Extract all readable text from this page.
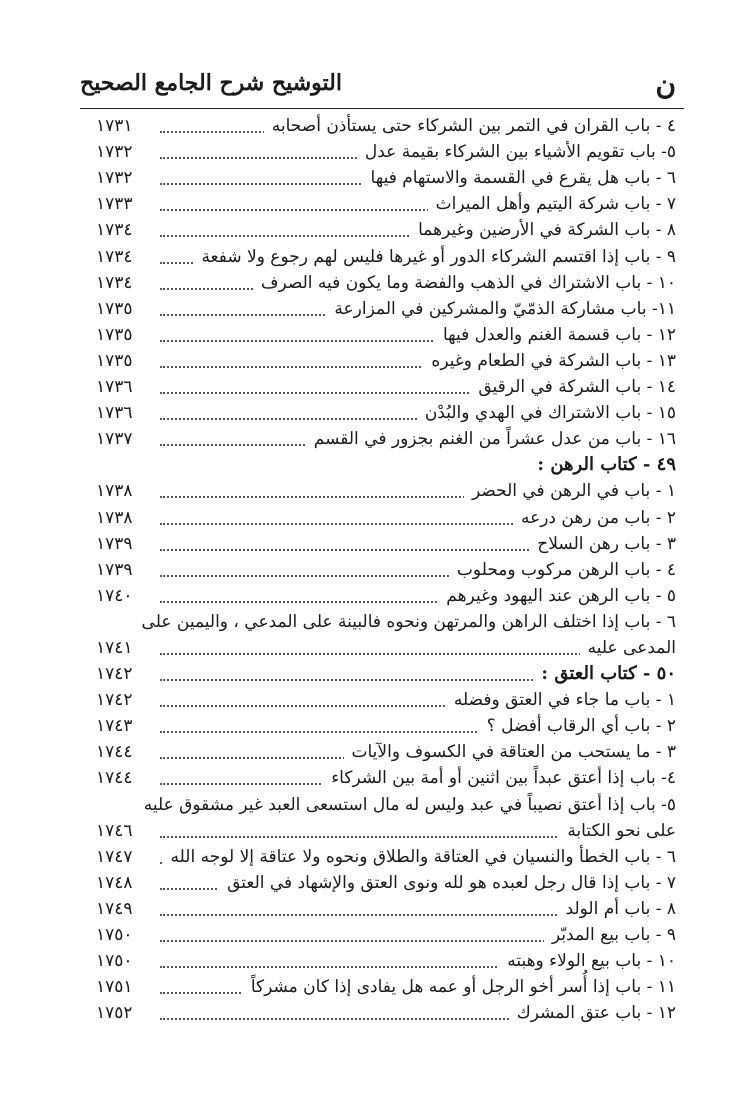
ن
التوشيح شرح الجامع الصحيح
٤ - باب القران في التمر بين الشركاء حتى يستأذن أصحابه
١٧٣١
٥- باب تقويم الأشياء بين الشركاء بقيمة عدل
١٧٣٢
٦ - باب هل يقرع في القسمة والاستهام فيها
١٧٣٢
٧ - باب شركة اليتيم وأهل الميراث
١٧٣٣
٨ - باب الشركة في الأرضين وغيرهما
١٧٣٤
٩ - باب إذا اقتسم الشركاء الدور أو غيرها فليس لهم رجوع ولا شفعة
١٧٣٤
١٠ - باب الاشتراك في الذهب والفضة وما يكون فيه الصرف
١٧٣٤
١١- باب مشاركة الذمّيّ والمشركين في المزارعة
١٧٣٥
١٢ - باب قسمة الغنم والعدل فيها
١٧٣٥
١٣ - باب الشركة في الطعام وغيره
١٧٣٥
١٤ - باب الشركة في الرقيق
١٧٣٦
١٥ - باب الاشتراك في الهدي والبُدْن
١٧٣٦
١٦ - باب من عدل عشراً من الغنم بجزور في القسم
١٧٣٧
٤٩ - كتاب الرهن :
١ - باب في الرهن في الحضر
١٧٣٨
٢ - باب من رهن درعه
١٧٣٨
٣ - باب رهن السلاح
١٧٣٩
٤ - باب الرهن مركوب ومحلوب
١٧٣٩
٥ - باب الرهن عند اليهود وغيرهم
١٧٤٠
٦ - باب إذا اختلف الراهن والمرتهن ونحوه فالبينة على المدعي ، واليمين على
المدعى عليه
١٧٤١
٥٠ - كتاب العتق :
١٧٤٢
١ - باب ما جاء في العتق وفضله
١٧٤٢
٢ - باب أي الرقاب أفضل ؟
١٧٤٣
٣ - ما يستحب من العتاقة في الكسوف والآيات
١٧٤٤
٤- باب إذا أعتق عبداً بين اثنين أو أمة بين الشركاء
١٧٤٤
٥- باب إذا أعتق نصيباً في عبد وليس له مال استسعى العبد غير مشقوق عليه
على نحو الكتابة
١٧٤٦
٦ - باب الخطأ والنسيان في العتاقة والطلاق ونحوه ولا عتاقة إلا لوجه الله
١٧٤٧
٧ - باب إذا قال رجل لعبده هو لله ونوى العتق والإشهاد في العتق
١٧٤٨
٨ - باب أم الولد
١٧٤٩
٩ - باب بيع المدبّر
١٧٥٠
١٠ - باب بيع الولاء وهبته
١٧٥٠
١١ - باب إذا أُسر أخو الرجل أو عمه هل يفادى إذا كان مشركاً
١٧٥١
١٢ - باب عتق المشرك
١٧٥٢
